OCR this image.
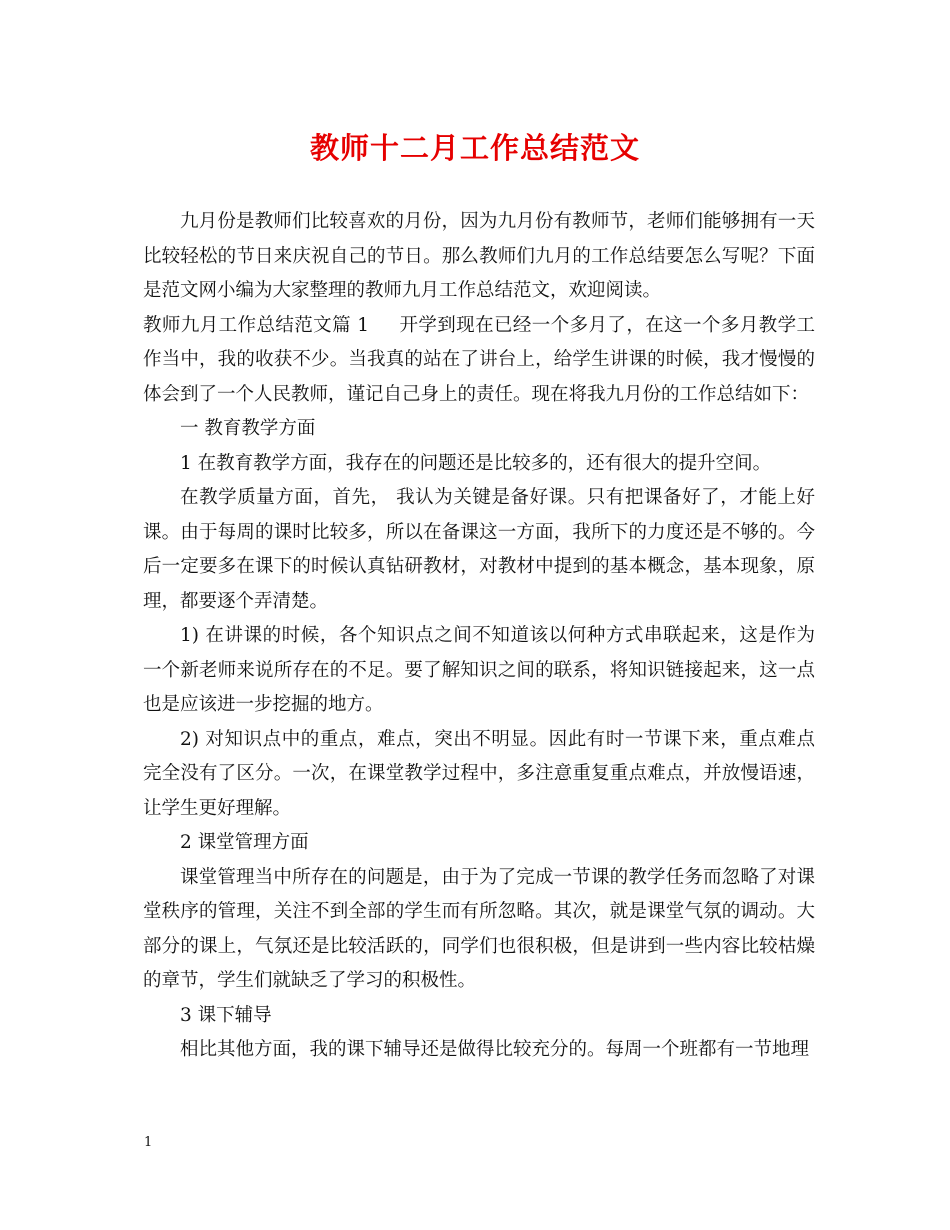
教师十二月工作总结范文

九月份是教师们比较喜欢的月份，因为九月份有教师节，老师们能够拥有一天比较轻松的节日来庆祝自己的节日。那么教师们九月的工作总结要怎么写呢？下面是范文网小编为大家整理的教师九月工作总结范文，欢迎阅读。

教师九月工作总结范文篇 1 开学到现在已经一个多月了，在这一个多月教学工作当中，我的收获不少。当我真的站在了讲台上，给学生讲课的时候，我才慢慢的体会到了一个人民教师，谨记自己身上的责任。现在将我九月份的工作总结如下：

一 教育教学方面

1 在教育教学方面，我存在的问题还是比较多的，还有很大的提升空间。

在教学质量方面，首先， 我认为关键是备好课。只有把课备好了，才能上好课。由于每周的课时比较多，所以在备课这一方面，我所下的力度还是不够的。今后一定要多在课下的时候认真钻研教材，对教材中提到的基本概念，基本现象，原理，都要逐个弄清楚。

1) 在讲课的时候，各个知识点之间不知道该以何种方式串联起来，这是作为一个新老师来说所存在的不足。要了解知识之间的联系，将知识链接起来，这一点也是应该进一步挖掘的地方。

2) 对知识点中的重点，难点，突出不明显。因此有时一节课下来，重点难点完全没有了区分。一次，在课堂教学过程中，多注意重复重点难点，并放慢语速，让学生更好理解。

2 课堂管理方面

课堂管理当中所存在的问题是，由于为了完成一节课的教学任务而忽略了对课堂秩序的管理，关注不到全部的学生而有所忽略。其次，就是课堂气氛的调动。大部分的课上，气氛还是比较活跃的，同学们也很积极，但是讲到一些内容比较枯燥的章节，学生们就缺乏了学习的积极性。

3 课下辅导

相比其他方面，我的课下辅导还是做得比较充分的。每周一个班都有一节地理

1
